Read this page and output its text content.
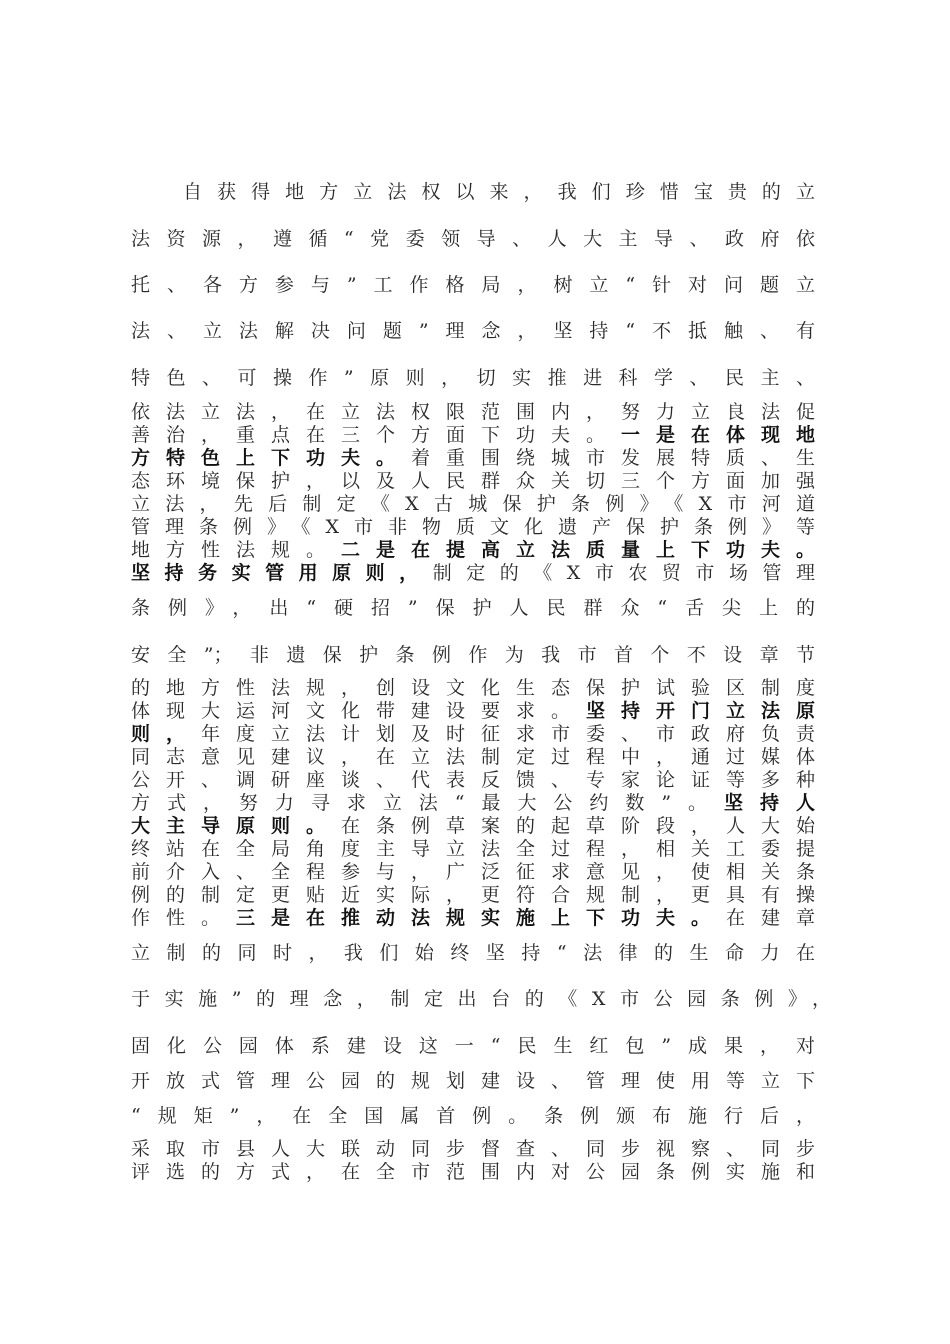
自获得地方立法权以来，我们珍惜宝贵的立
法资源，遵循“党委领导、人大主导、政府依
托、各方参与”工作格局，树立“针对问题立
法、立法解决问题”理念，坚持“不抵触、有
特色、可操作”原则，切实推进科学、民主、
依法立法，在立法权限范围内，努力立良法促
善治，重点在三个方面下功夫。一是在体现地
方特色上下功夫。着重围绕城市发展特质、生
态环境保护，以及人民群众关切三个方面加强
立法，先后制定《X古城保护条例》《X市河道
管理条例》《X市非物质文化遗产保护条例》等
地方性法规。二是在提高立法质量上下功夫。
坚持务实管用原则，制定的《X市农贸市场管理
条例》，出“硬招”保护人民群众“舌尖上的
安全”；非遗保护条例作为我市首个不设章节
的地方性法规，创设文化生态保护试验区制度
体现大运河文化带建设要求。坚持开门立法原
则，年度立法计划及时征求市委、市政府负责
同志意见建议，在立法制定过程中，通过媒体
公开、调研座谈、代表反馈、专家论证等多种
方式，努力寻求立法“最大公约数”。坚持人
大主导原则。在条例草案的起草阶段，人大始
终站在全局角度主导立法全过程，相关工委提
前介入、全程参与，广泛征求意见，使相关条
例的制定更贴近实际，更符合规制，更具有操
作性。三是在推动法规实施上下功夫。在建章
立制的同时，我们始终坚持“法律的生命力在
于实施”的理念，制定出台的《X市公园条例》，
固化公园体系建设这一“民生红包”成果，对
开放式管理公园的规划建设、管理使用等立下
“规矩”，在全国属首例。条例颁布施行后，
采取市县人大联动同步督查、同步视察、同步
评选的方式，在全市范围内对公园条例实施和
